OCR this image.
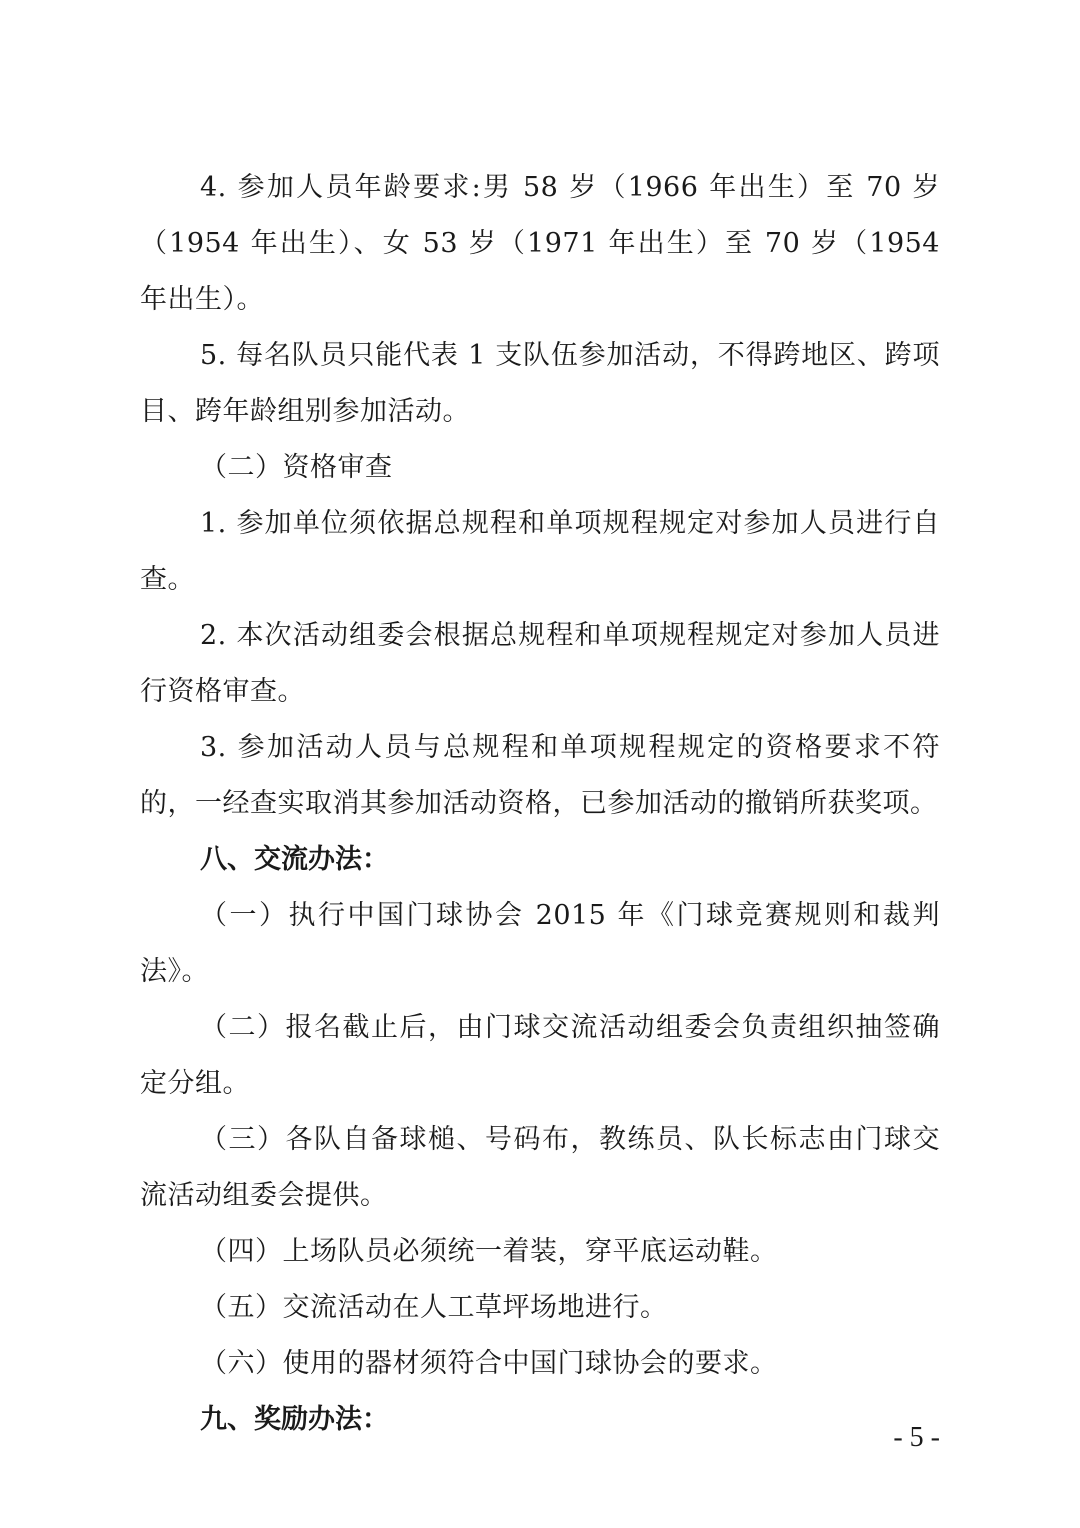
4. 参加人员年龄要求:男 58 岁（1966 年出生）至 70 岁（1954 年出生）、女 53 岁（1971 年出生）至 70 岁（1954 年出生）。

5. 每名队员只能代表 1 支队伍参加活动，不得跨地区、跨项目、跨年龄组别参加活动。

（二）资格审查

1. 参加单位须依据总规程和单项规程规定对参加人员进行自查。

2. 本次活动组委会根据总规程和单项规程规定对参加人员进行资格审查。

3. 参加活动人员与总规程和单项规程规定的资格要求不符的，一经查实取消其参加活动资格，已参加活动的撤销所获奖项。

八、交流办法：

（一）执行中国门球协会 2015 年《门球竞赛规则和裁判法》。

（二）报名截止后，由门球交流活动组委会负责组织抽签确定分组。

（三）各队自备球槌、号码布，教练员、队长标志由门球交流活动组委会提供。

（四）上场队员必须统一着装，穿平底运动鞋。

（五）交流活动在人工草坪场地进行。

（六）使用的器材须符合中国门球协会的要求。

九、奖励办法：

- 5 -
